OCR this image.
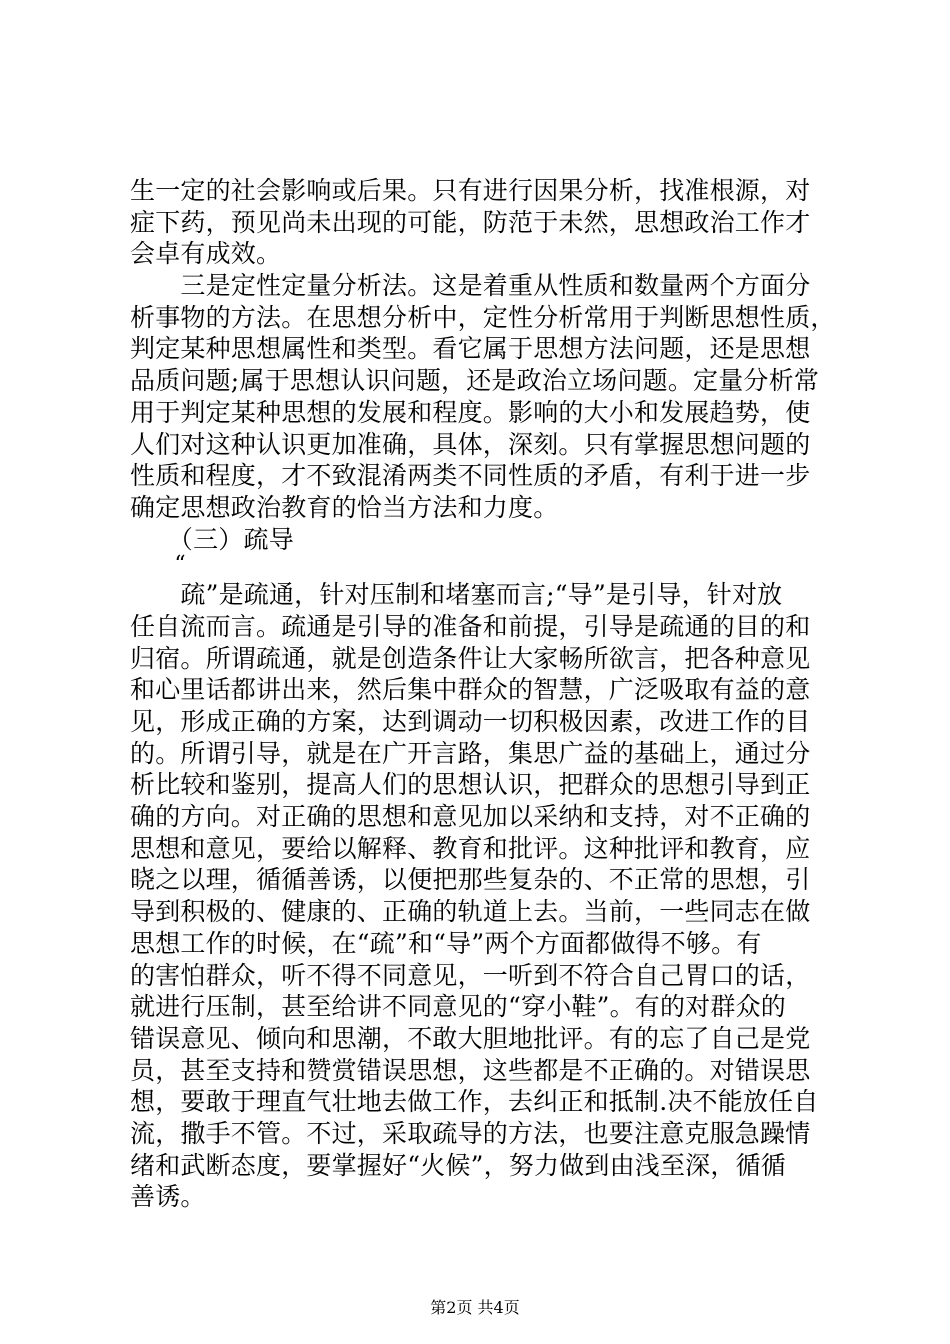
生一定的社会影响或后果。只有进行因果分析，找准根源，对
症下药，预见尚未出现的可能，防范于未然，思想政治工作才
会卓有成效。
　　三是定性定量分析法。这是着重从性质和数量两个方面分
析事物的方法。在思想分析中，定性分析常用于判断思想性质，
判定某种思想属性和类型。看它属于思想方法问题，还是思想
品质问题;属于思想认识问题，还是政治立场问题。定量分析常
用于判定某种思想的发展和程度。影响的大小和发展趋势，使
人们对这种认识更加准确，具体，深刻。只有掌握思想问题的
性质和程度，才不致混淆两类不同性质的矛盾，有利于进一步
确定思想政治教育的恰当方法和力度。
　　（三）疏导
　　“
　　疏”是疏通，针对压制和堵塞而言;“导”是引导，针对放
任自流而言。疏通是引导的准备和前提，引导是疏通的目的和
归宿。所谓疏通，就是创造条件让大家畅所欲言，把各种意见
和心里话都讲出来，然后集中群众的智慧，广泛吸取有益的意
见，形成正确的方案，达到调动一切积极因素，改进工作的目
的。所谓引导，就是在广开言路，集思广益的基础上，通过分
析比较和鉴别，提高人们的思想认识，把群众的思想引导到正
确的方向。对正确的思想和意见加以采纳和支持，对不正确的
思想和意见，要给以解释、教育和批评。这种批评和教育，应
晓之以理，循循善诱，以便把那些复杂的、不正常的思想，引
导到积极的、健康的、正确的轨道上去。当前，一些同志在做
思想工作的时候，在“疏”和“导”两个方面都做得不够。有
的害怕群众，听不得不同意见，一听到不符合自己胃口的话，
就进行压制，甚至给讲不同意见的“穿小鞋”。有的对群众的
错误意见、倾向和思潮，不敢大胆地批评。有的忘了自己是党
员，甚至支持和赞赏错误思想，这些都是不正确的。对错误思
想，要敢于理直气壮地去做工作，去纠正和抵制.决不能放任自
流，撒手不管。不过，采取疏导的方法，也要注意克服急躁情
绪和武断态度，要掌握好“火候”，努力做到由浅至深，循循
善诱。
第2页 共4页
